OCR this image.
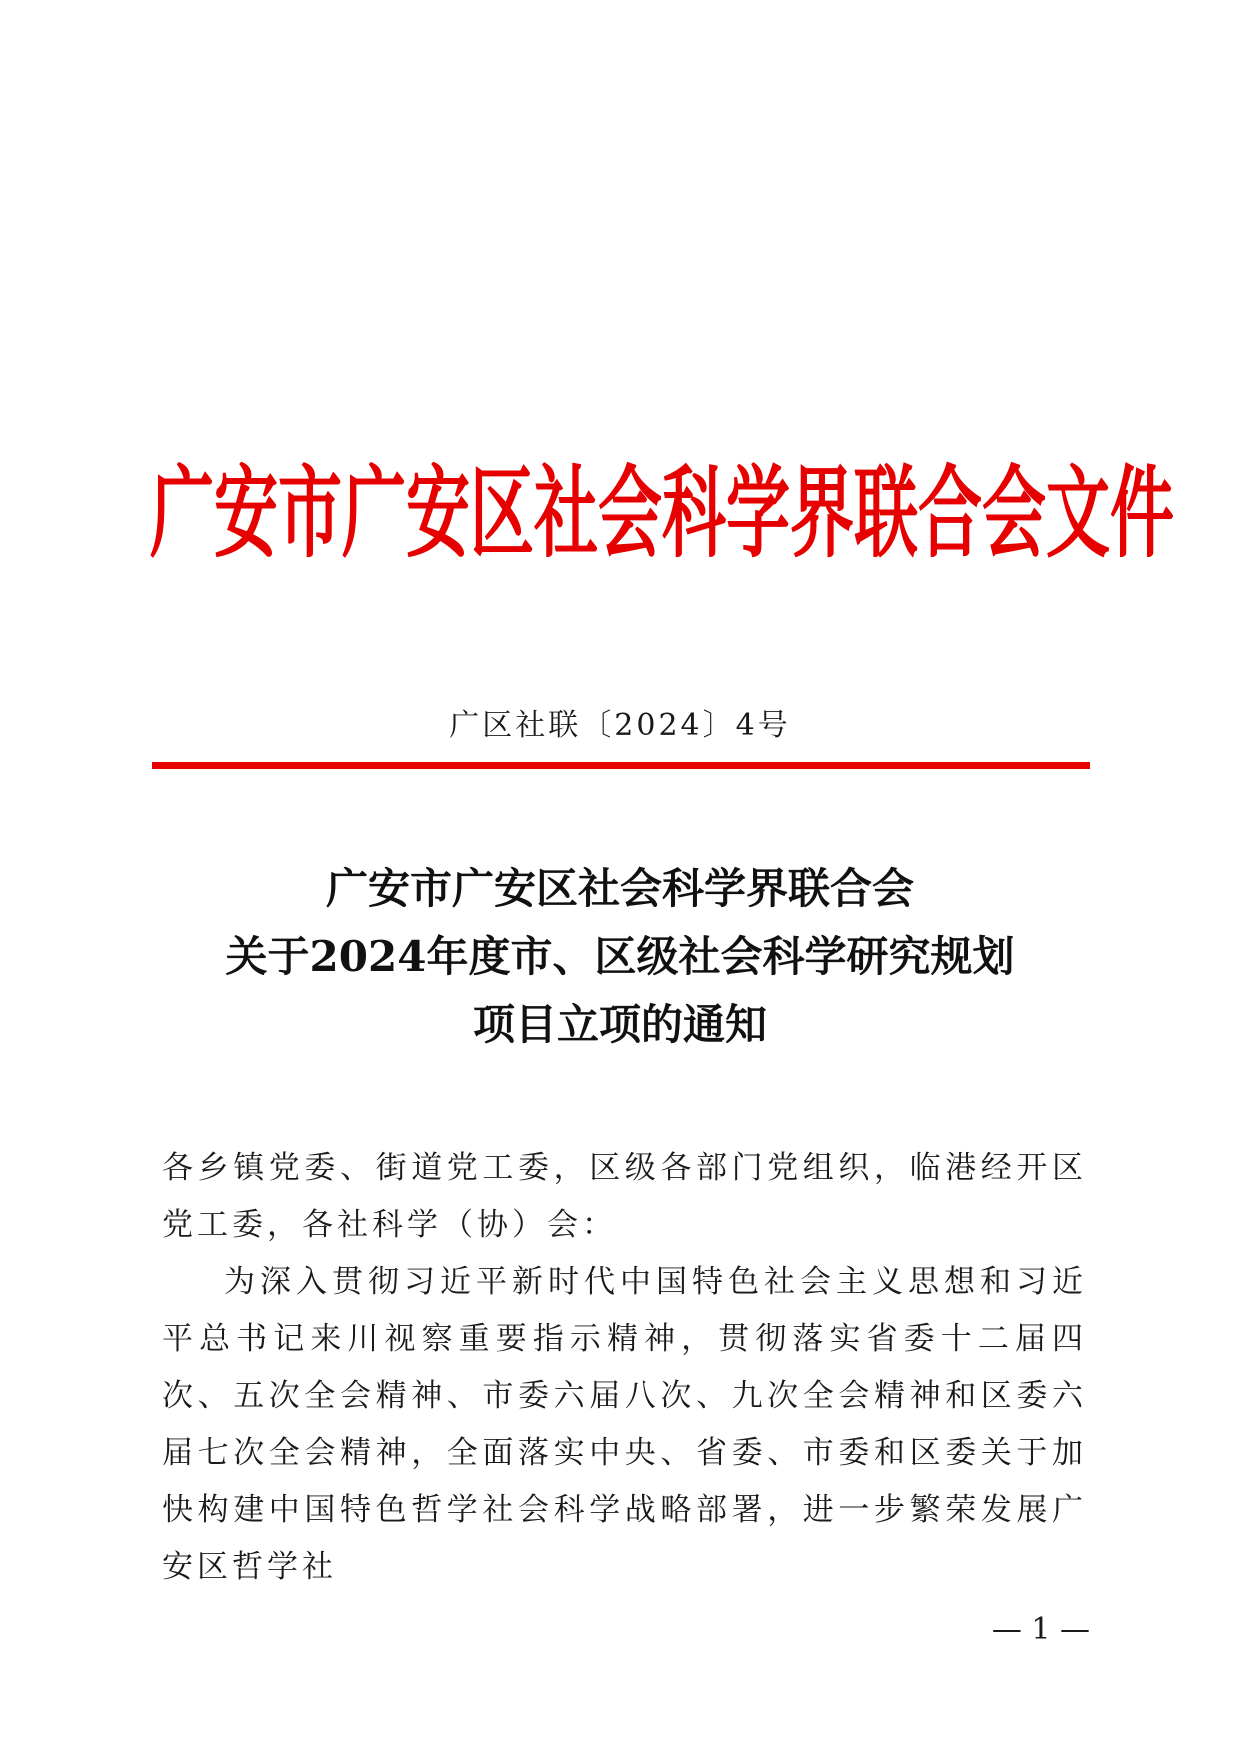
广安市广安区社会科学界联合会文件
广区社联〔2024〕4号
广安市广安区社会科学界联合会
关于2024年度市、区级社会科学研究规划
项目立项的通知

各乡镇党委、街道党工委，区级各部门党组织，临港经开区党工委，各社科学（协）会：

为深入贯彻习近平新时代中国特色社会主义思想和习近平总书记来川视察重要指示精神，贯彻落实省委十二届四次、五次全会精神、市委六届八次、九次全会精神和区委六届七次全会精神，全面落实中央、省委、市委和区委关于加快构建中国特色哲学社会科学战略部署，进一步繁荣发展广安区哲学社

— 1 —
